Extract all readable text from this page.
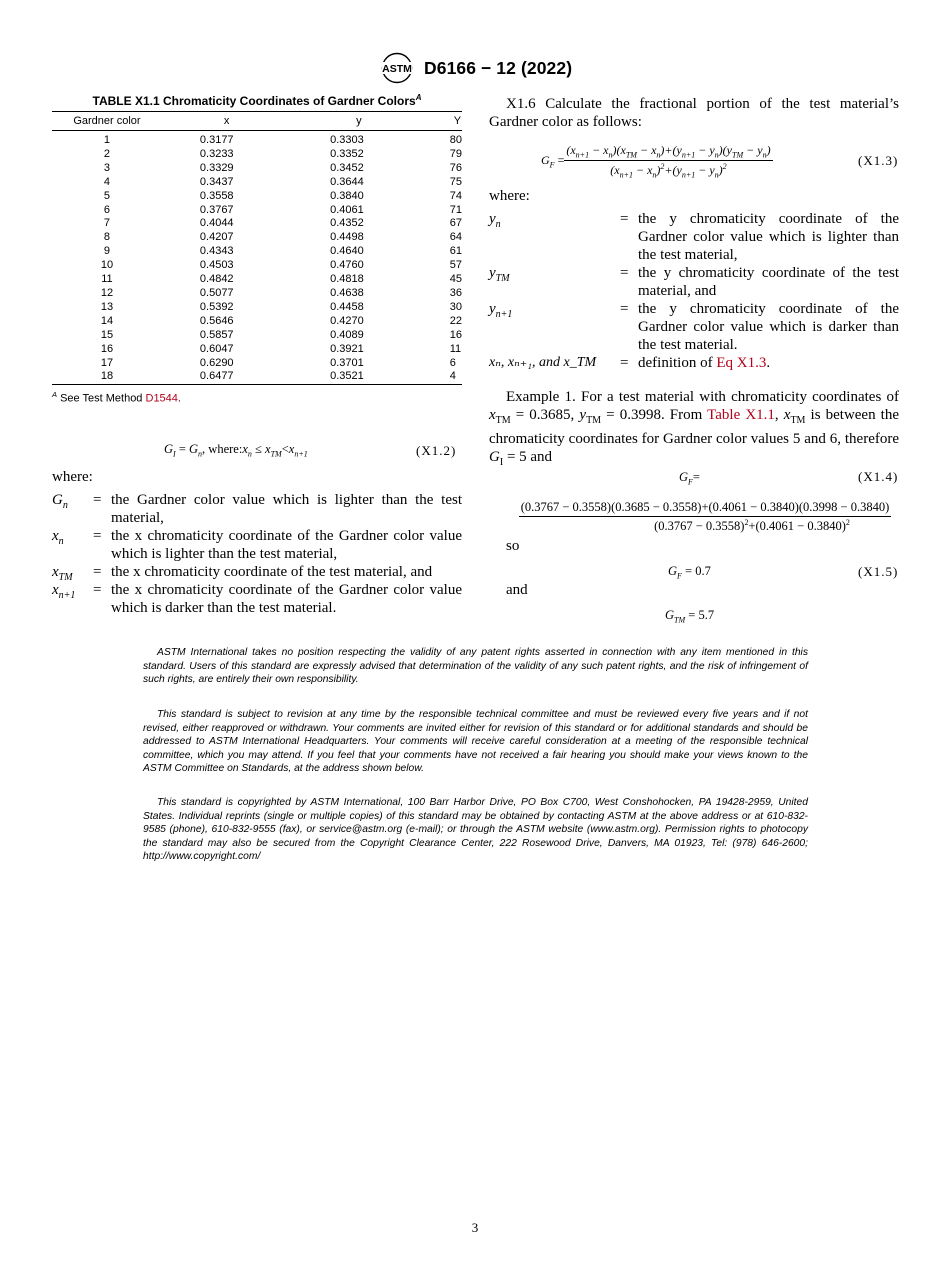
ASTM D6166 − 12 (2022)
TABLE X1.1 Chromaticity Coordinates of Gardner Colors$^A$
Gardner color	x	y	Y
1	0.3177	0.3303	80
2	0.3233	0.3352	79
3	0.3329	0.3452	76
4	0.3437	0.3644	75
5	0.3558	0.3840	74
6	0.3767	0.4061	71
7	0.4044	0.4352	67
8	0.4207	0.4498	64
9	0.4343	0.4640	61
10	0.4503	0.4760	57
11	0.4842	0.4818	45
12	0.5077	0.4638	36
13	0.5392	0.4458	30
14	0.5646	0.4270	22
15	0.5857	0.4089	16
16	0.6047	0.3921	11
17	0.6290	0.3701	6
18	0.6477	0.3521	4
$^A$ See Test Method D1544.
$G_I = G_n$, $where:x_n \le x_{TM}<x_{n+1}$	(X1.2)
where:
$G_n$ = the Gardner color value which is lighter than the test material,
$x_n$ = the x chromaticity coordinate of the Gardner color value which is lighter than the test material,
$x_{TM}$ = the x chromaticity coordinate of the test material, and
$x_{n+1}$ = the x chromaticity coordinate of the Gardner color value which is darker than the test material.
X1.6 Calculate the fractional portion of the test material’s Gardner color as follows:
$G_F = \frac{(x_{n+1} - x_n)(x_{TM} - x_n)+(y_{n+1} - y_n)(y_{TM} - y_n)}{(x_{n+1} - x_n)^2+(y_{n+1} - y_n)^2}$	(X1.3)
where:
$y_n$	= the y chromaticity coordinate of the Gardner color value which is lighter than the test material,
$y_{TM}$	= the y chromaticity coordinate of the test material, and
$y_{n+1}$	= the y chromaticity coordinate of the Gardner color value which is darker than the test material.
xₙ, xₙ₊₁, and x_TM = definition of Eq X1.3.
Example 1. For a test material with chromaticity coordinates of $x_{TM} = 0.3685$, $y_{TM} = 0.3998$. From Table X1.1, $x_{TM}$ is between the chromaticity coordinates for Gardner color values 5 and 6, therefore $G_I = 5$ and
$G_F=$	(X1.4)
(0.3767 − 0.3558)(0.3685 − 0.3558)+(0.4061 − 0.3840)(0.3998 − 0.3840)
$(0.3767 - 0.3558)^2+(0.4061 - 0.3840)^2$
so
$G_F = 0.7$	(X1.5)
and
$G_{TM} = 5.7$

ASTM International takes no position respecting the validity of any patent rights asserted in connection with any item mentioned in this standard. Users of this standard are expressly advised that determination of the validity of any such patent rights, and the risk of infringement of such rights, are entirely their own responsibility.

This standard is subject to revision at any time by the responsible technical committee and must be reviewed every five years and if not revised, either reapproved or withdrawn. Your comments are invited either for revision of this standard or for additional standards and should be addressed to ASTM International Headquarters. Your comments will receive careful consideration at a meeting of the responsible technical committee, which you may attend. If you feel that your comments have not received a fair hearing you should make your views known to the ASTM Committee on Standards, at the address shown below.

This standard is copyrighted by ASTM International, 100 Barr Harbor Drive, PO Box C700, West Conshohocken, PA 19428-2959, United States. Individual reprints (single or multiple copies) of this standard may be obtained by contacting ASTM at the above address or at 610-832-9585 (phone), 610-832-9555 (fax), or service@astm.org (e-mail); or through the ASTM website (www.astm.org). Permission rights to photocopy the standard may also be secured from the Copyright Clearance Center, 222 Rosewood Drive, Danvers, MA 01923, Tel: (978) 646-2600; http://www.copyright.com/

3
